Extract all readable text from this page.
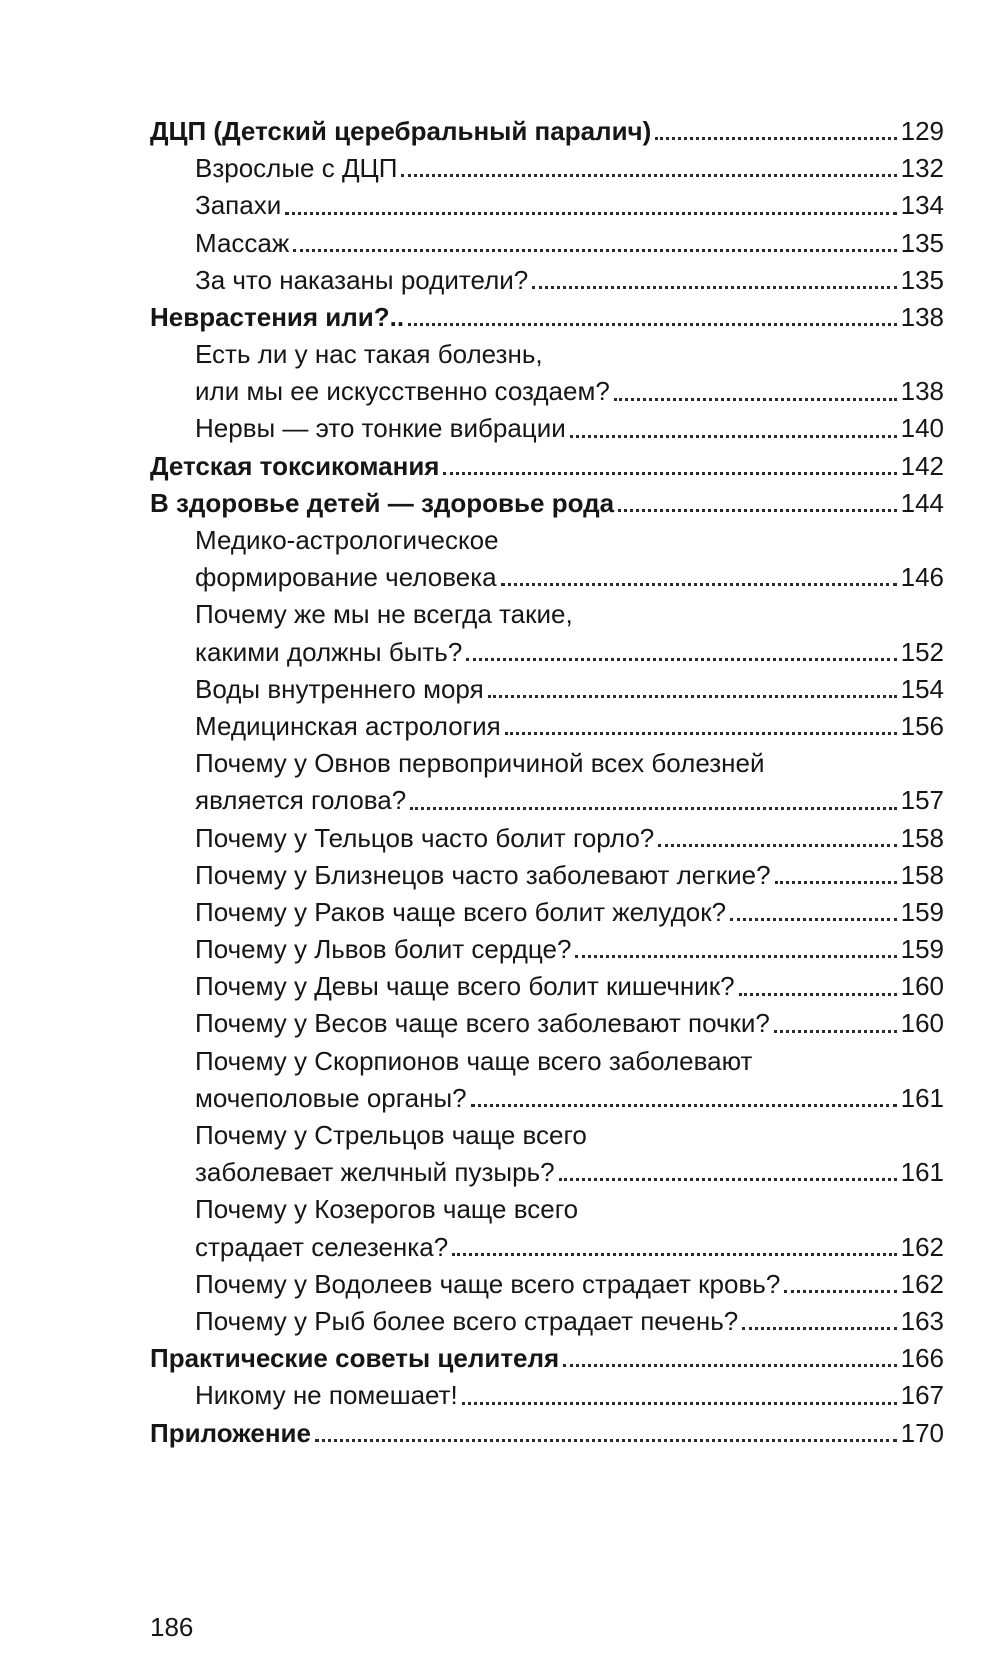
ДЦП (Детский церебральный паралич)	129
Взрослые с ДЦП	132
Запахи	134
Массаж	135
За что наказаны родители?	135
Неврастения или?..	138
Есть ли у нас такая болезнь,
или мы ее искусственно создаем?	138
Нервы — это тонкие вибрации	140
Детская токсикомания	142
В здоровье детей — здоровье рода	144
Медико-астрологическое
формирование человека	146
Почему же мы не всегда такие,
какими должны быть?	152
Воды внутреннего моря	154
Медицинская астрология	156
Почему у Овнов первопричиной всех болезней
является голова?	157
Почему у Тельцов часто болит горло?	158
Почему у Близнецов часто заболевают легкие?	158
Почему у Раков чаще всего болит желудок?	159
Почему у Львов болит сердце?	159
Почему у Девы чаще всего болит кишечник?	160
Почему у Весов чаще всего заболевают почки?	160
Почему у Скорпионов чаще всего заболевают
мочеполовые органы?	161
Почему у Стрельцов чаще всего
заболевает желчный пузырь?	161
Почему у Козерогов чаще всего
страдает селезенка?	162
Почему у Водолеев чаще всего страдает кровь?	162
Почему у Рыб более всего страдает печень?	163
Практические советы целителя	166
Никому не помешает!	167
Приложение	170
186
